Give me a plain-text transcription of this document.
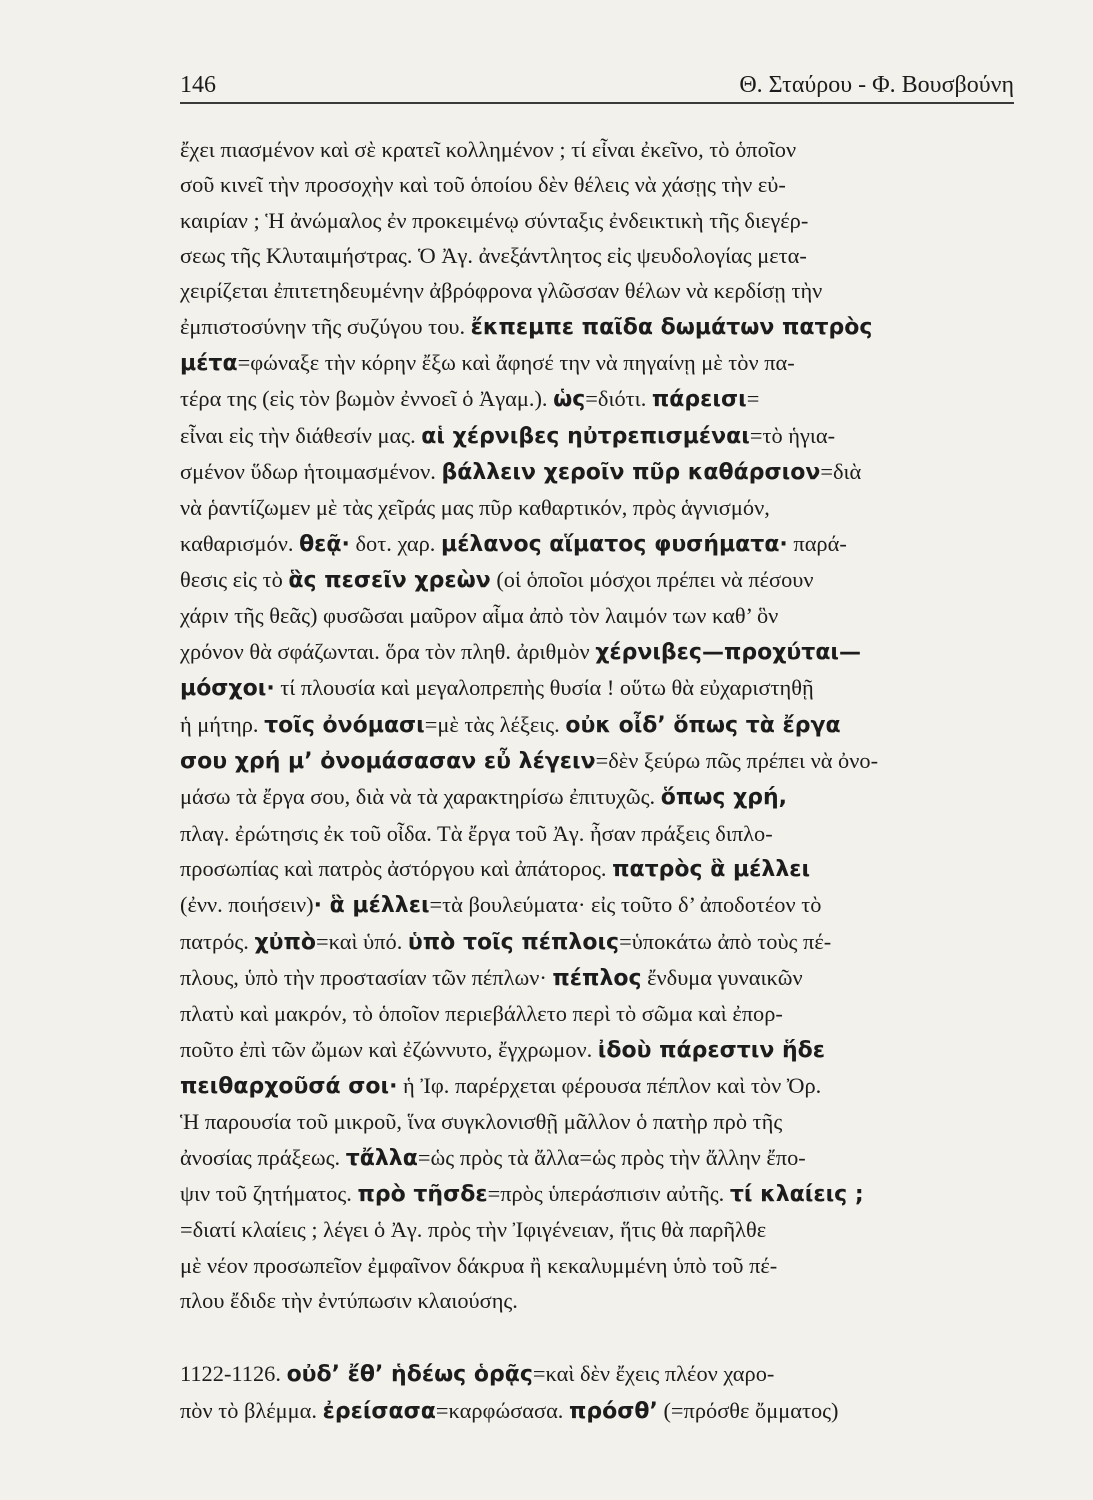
146	Θ. Σταύρου - Φ. Βουσβούνη
ἔχει πιασμένον καὶ σὲ κρατεῖ κολλημένον ; τί εἶναι ἐκεῖνο, τὸ ὁποῖον
σοῦ κινεῖ τὴν προσοχὴν καὶ τοῦ ὁποίου δὲν θέλεις νὰ χάσῃς τὴν εὐ-
καιρίαν ; Ἡ ἀνώμαλος ἐν προκειμένῳ σύνταξις ἐνδεικτικὴ τῆς διεγέρ-
σεως τῆς Κλυταιμήστρας. Ὁ Ἀγ. ἀνεξάντλητος εἰς ψευδολογίας μετα-
χειρίζεται ἐπιτετηδευμένην ἀβρόφρονα γλῶσσαν θέλων νὰ κερδίσῃ τὴν
ἐμπιστοσύνην τῆς συζύγου του. ἔκπεμπε παῖδα δωμάτων πατρὸς
μέτα=φώναξε τὴν κόρην ἔξω καὶ ἄφησέ την νὰ πηγαίνῃ μὲ τὸν πα-
τέρα της (εἰς τὸν βωμὸν ἐννοεῖ ὁ Ἀγαμ.). ὡς=διότι. πάρεισι=
εἶναι εἰς τὴν διάθεσίν μας. αἱ χέρνιβες ηὐτρεπισμέναι=τὸ ἡγια-
σμένον ὕδωρ ἡτοιμασμένον. βάλλειν χεροῖν πῦρ καθάρσιον=διὰ
νὰ ῥαντίζωμεν μὲ τὰς χεῖράς μας πῦρ καθαρτικόν, πρὸς ἁγνισμόν,
καθαρισμόν. θεᾷ· δοτ. χαρ. μέλανος αἵματος φυσήματα· παρά-
θεσις εἰς τὸ ἃς πεσεῖν χρεὼν (οἱ ὁποῖοι μόσχοι πρέπει νὰ πέσουν
χάριν τῆς θεᾶς) φυσῶσαι μαῦρον αἷμα ἀπὸ τὸν λαιμόν των καθ’ ὃν
χρόνον θὰ σφάζωνται. ὅρα τὸν πληθ. ἀριθμὸν χέρνιβες—προχύται—
μόσχοι· τί πλουσία καὶ μεγαλοπρεπὴς θυσία ! οὕτω θὰ εὐχαριστηθῇ
ἡ μήτηρ. τοῖς ὀνόμασι=μὲ τὰς λέξεις. οὐκ οἶδ’ ὅπως τὰ ἔργα
σου χρή μ’ ὀνομάσασαν εὖ λέγειν=δὲν ξεύρω πῶς πρέπει νὰ ὀνο-
μάσω τὰ ἔργα σου, διὰ νὰ τὰ χαρακτηρίσω ἐπιτυχῶς. ὅπως χρή,
πλαγ. ἐρώτησις ἐκ τοῦ οἶδα. Τὰ ἔργα τοῦ Ἀγ. ἦσαν πράξεις διπλο-
προσωπίας καὶ πατρὸς ἀστόργου καὶ ἀπάτορος. πατρὸς ἃ μέλλει
(ἐνν. ποιήσειν)· ἃ μέλλει=τὰ βουλεύματα· εἰς τοῦτο δ’ ἀποδοτέον τὸ
πατρός. χὐπὸ=καὶ ὑπό. ὑπὸ τοῖς πέπλοις=ὑποκάτω ἀπὸ τοὺς πέ-
πλους, ὑπὸ τὴν προστασίαν τῶν πέπλων· πέπλος ἔνδυμα γυναικῶν
πλατὺ καὶ μακρόν, τὸ ὁποῖον περιεβάλλετο περὶ τὸ σῶμα καὶ ἐπορ-
ποῦτο ἐπὶ τῶν ὤμων καὶ ἐζώννυτο, ἔγχρωμον. ἰδοὺ πάρεστιν ἥδε
πειθαρχοῦσά σοι· ἡ Ἰφ. παρέρχεται φέρουσα πέπλον καὶ τὸν Ὀρ.
Ἡ παρουσία τοῦ μικροῦ, ἵνα συγκλονισθῇ μᾶλλον ὁ πατὴρ πρὸ τῆς
ἀνοσίας πράξεως. τἄλλα=ὡς πρὸς τὰ ἄλλα=ὡς πρὸς τὴν ἄλλην ἔπο-
ψιν τοῦ ζητήματος. πρὸ τῆσδε=πρὸς ὑπεράσπισιν αὐτῆς. τί κλαίεις ;
=διατί κλαίεις ; λέγει ὁ Ἀγ. πρὸς τὴν Ἰφιγένειαν, ἥτις θὰ παρῆλθε
μὲ νέον προσωπεῖον ἐμφαῖνον δάκρυα ἢ κεκαλυμμένη ὑπὸ τοῦ πέ-
πλου ἔδιδε τὴν ἐντύπωσιν κλαιούσης.
1122-1126. οὐδ’ ἔθ’ ἡδέως ὁρᾷς=καὶ δὲν ἔχεις πλέον χαρο-
πὸν τὸ βλέμμα. ἐρείσασα=καρφώσασα. πρόσθ’ (=πρόσθε ὄμματος)
